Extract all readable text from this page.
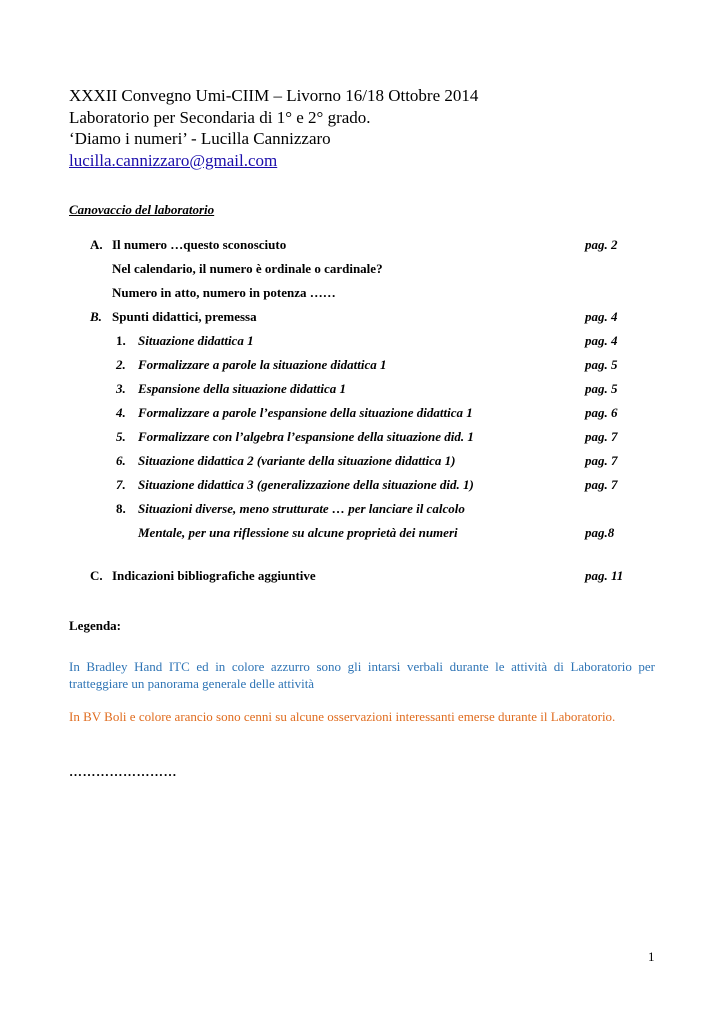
XXXII Convegno Umi-CIIM – Livorno 16/18 Ottobre 2014
Laboratorio per Secondaria di 1° e 2° grado.
‘Diamo i numeri’ - Lucilla Cannizzaro
lucilla.cannizzaro@gmail.com
Canovaccio del laboratorio
A. Il numero …questo sconosciuto	pag. 2
Nel calendario, il numero è ordinale o cardinale?
Numero in atto, numero in potenza ……
B. Spunti didattici, premessa	pag. 4
1. Situazione didattica 1	pag. 4
2. Formalizzare a parole la situazione didattica 1	pag. 5
3. Espansione della situazione didattica 1	pag. 5
4. Formalizzare a parole l’espansione della situazione didattica 1	pag. 6
5. Formalizzare con l’algebra l’espansione della situazione did. 1	pag. 7
6. Situazione didattica 2 (variante della situazione didattica 1)	pag. 7
7. Situazione didattica 3 (generalizzazione della situazione did. 1)	pag. 7
8. Situazioni diverse, meno strutturate … per lanciare il calcolo
Mentale, per una riflessione su alcune proprietà dei numeri	pag.8
C. Indicazioni bibliografiche aggiuntive	pag. 11
Legenda:
In Bradley Hand ITC ed in colore azzurro sono gli intarsi verbali durante le attività di Laboratorio per tratteggiare un panorama generale delle attività
In BV Boli e colore arancio sono cenni su alcune osservazioni interessanti emerse durante il Laboratorio.
……………………
1
